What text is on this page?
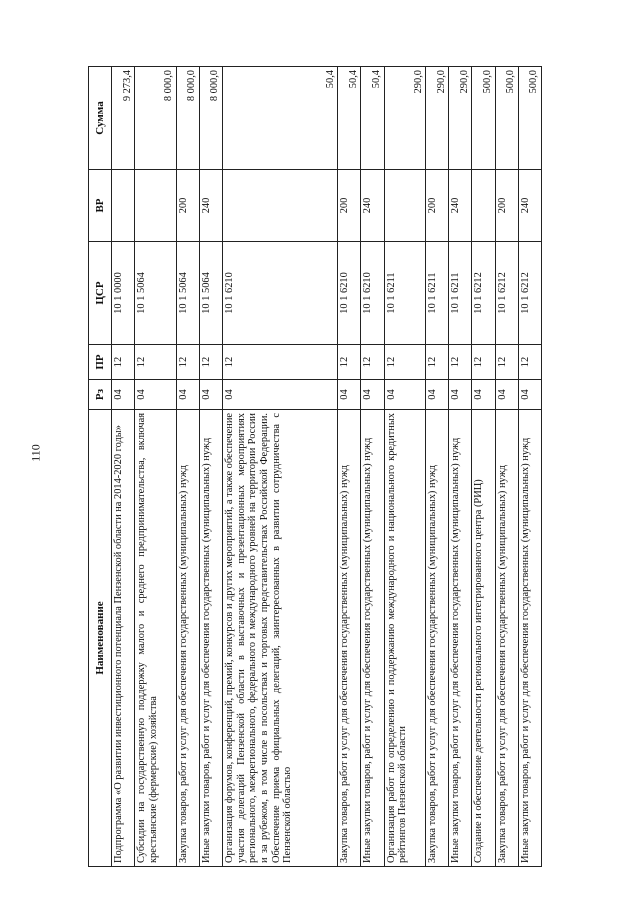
110
Наименование	Рз	ПР	ЦСР	ВР	Сумма
Подпрограмма «О развитии инвестиционного потенциала Пензенской области на 2014-2020 годы»	04	12	10 1 0000		9 273,4
Субсидии на государственную поддержку малого и среднего предпринимательства, включая крестьянские (фермерские) хозяйства	04	12	10 1 5064		8 000,0
Закупка товаров, работ и услуг для обеспечения государственных (муниципальных) нужд	04	12	10 1 5064	200	8 000,0
Иные закупки товаров, работ и услуг для обеспечения государственных (муниципальных) нужд	04	12	10 1 5064	240	8 000,0
Организация форумов, конференций, премий, конкурсов и других мероприятий, а также обеспечение участия делегаций Пензенской области в выставочных и презентационных мероприятиях регионального, межрегионального, федерального и международного уровней на территории России и за рубежом, в том числе в посольствах и торговых представительствах Российской Федерации. Обеспечение приема официальных делегаций, заинтересованных в развитии сотрудничества с Пензенской областью	04	12	10 1 6210		50,4
Закупка товаров, работ и услуг для обеспечения государственных (муниципальных) нужд	04	12	10 1 6210	200	50,4
Иные закупки товаров, работ и услуг для обеспечения государственных (муниципальных) нужд	04	12	10 1 6210	240	50,4
Организация работ по определению и поддержанию международного и национального кредитных рейтингов Пензенской области	04	12	10 1 6211		290,0
Закупка товаров, работ и услуг для обеспечения государственных (муниципальных) нужд	04	12	10 1 6211	200	290,0
Иные закупки товаров, работ и услуг для обеспечения государственных (муниципальных) нужд	04	12	10 1 6211	240	290,0
Создание и обеспечение деятельности регионального интегрированного центра (РИЦ)	04	12	10 1 6212		500,0
Закупка товаров, работ и услуг для обеспечения государственных (муниципальных) нужд	04	12	10 1 6212	200	500,0
Иные закупки товаров, работ и услуг для обеспечения государственных (муниципальных) нужд	04	12	10 1 6212	240	500,0
